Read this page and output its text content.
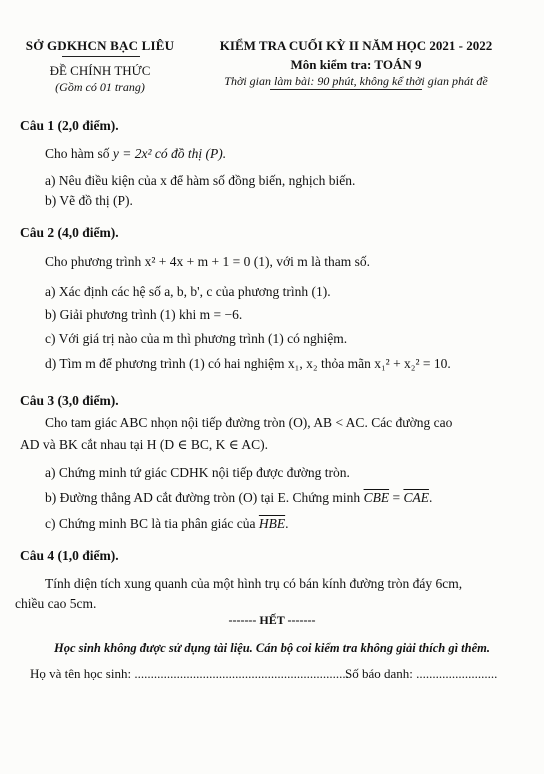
SỞ GDKHCN BẠC LIÊU
ĐỀ CHÍNH THỨC
(Gồm có 01 trang)
KIỂM TRA CUỐI KỲ II NĂM HỌC 2021 - 2022
Môn kiểm tra: TOÁN 9
Thời gian làm bài: 90 phút, không kể thời gian phát đề
Câu 1 (2,0 điểm).
Cho hàm số y = 2x² có đồ thị (P).
a) Nêu điều kiện của x để hàm số đồng biến, nghịch biến.
b) Vẽ đồ thị (P).
Câu 2 (4,0 điểm).
Cho phương trình x² + 4x + m + 1 = 0 (1), với m là tham số.
a) Xác định các hệ số a, b, b', c của phương trình (1).
b) Giải phương trình (1) khi m = −6.
c) Với giá trị nào của m thì phương trình (1) có nghiệm.
d) Tìm m để phương trình (1) có hai nghiệm x₁, x₂ thỏa mãn x₁² + x₂² = 10.
Câu 3 (3,0 điểm).
Cho tam giác ABC nhọn nội tiếp đường tròn (O), AB < AC. Các đường cao
AD và BK cắt nhau tại H (D ∈ BC, K ∈ AC).
a) Chứng minh tứ giác CDHK nội tiếp được đường tròn.
b) Đường thẳng AD cắt đường tròn (O) tại E. Chứng minh $\overline{CBE} = \overline{CAE}$.
c) Chứng minh BC là tia phân giác của $\overline{HBE}$.
Câu 4 (1,0 điểm).
Tính diện tích xung quanh của một hình trụ có bán kính đường tròn đáy 6cm,
chiều cao 5cm.
------- HẾT -------
Học sinh không được sử dụng tài liệu. Cán bộ coi kiểm tra không giải thích gì thêm.
Họ và tên học sinh: ..................................................................
Số báo danh: .........................
